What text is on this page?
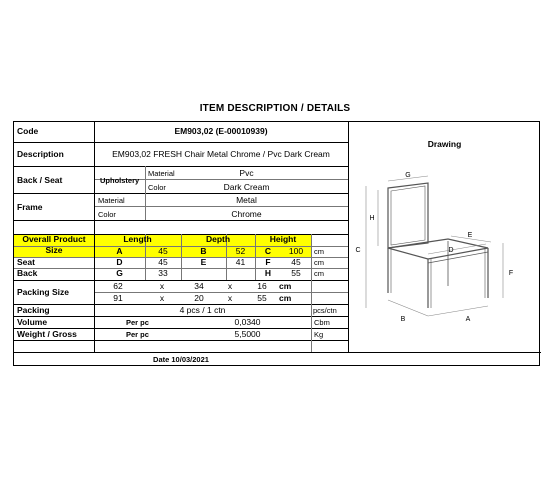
ITEM DESCRIPTION / DETAILS
Code	EM903,02 (E-00010939)
Drawing
Description	EM903,02 FRESH Chair Metal Chrome / Pvc Dark Cream
Back / Seat	Upholstery
Material	Pvc
Color	Dark Cream
Frame
Material	Metal
Color	Chrome
Overall Product
Size
Length	Depth	Height
A	45	B	52	C	100	cm
Seat	D	45	E	41	F	45	cm
Back	G	33	H	55	cm
Packing Size
62	x	34	x	16	cm
91	x	20	x	55	cm
Packing	4 pcs / 1 ctn	pcs/ctn
Volume	Per pc	0,0340	Cbm
Weight / Gross	Per pc	5,5000	Kg
Date 10/03/2021
G
H
C
E
D
F
B	A
